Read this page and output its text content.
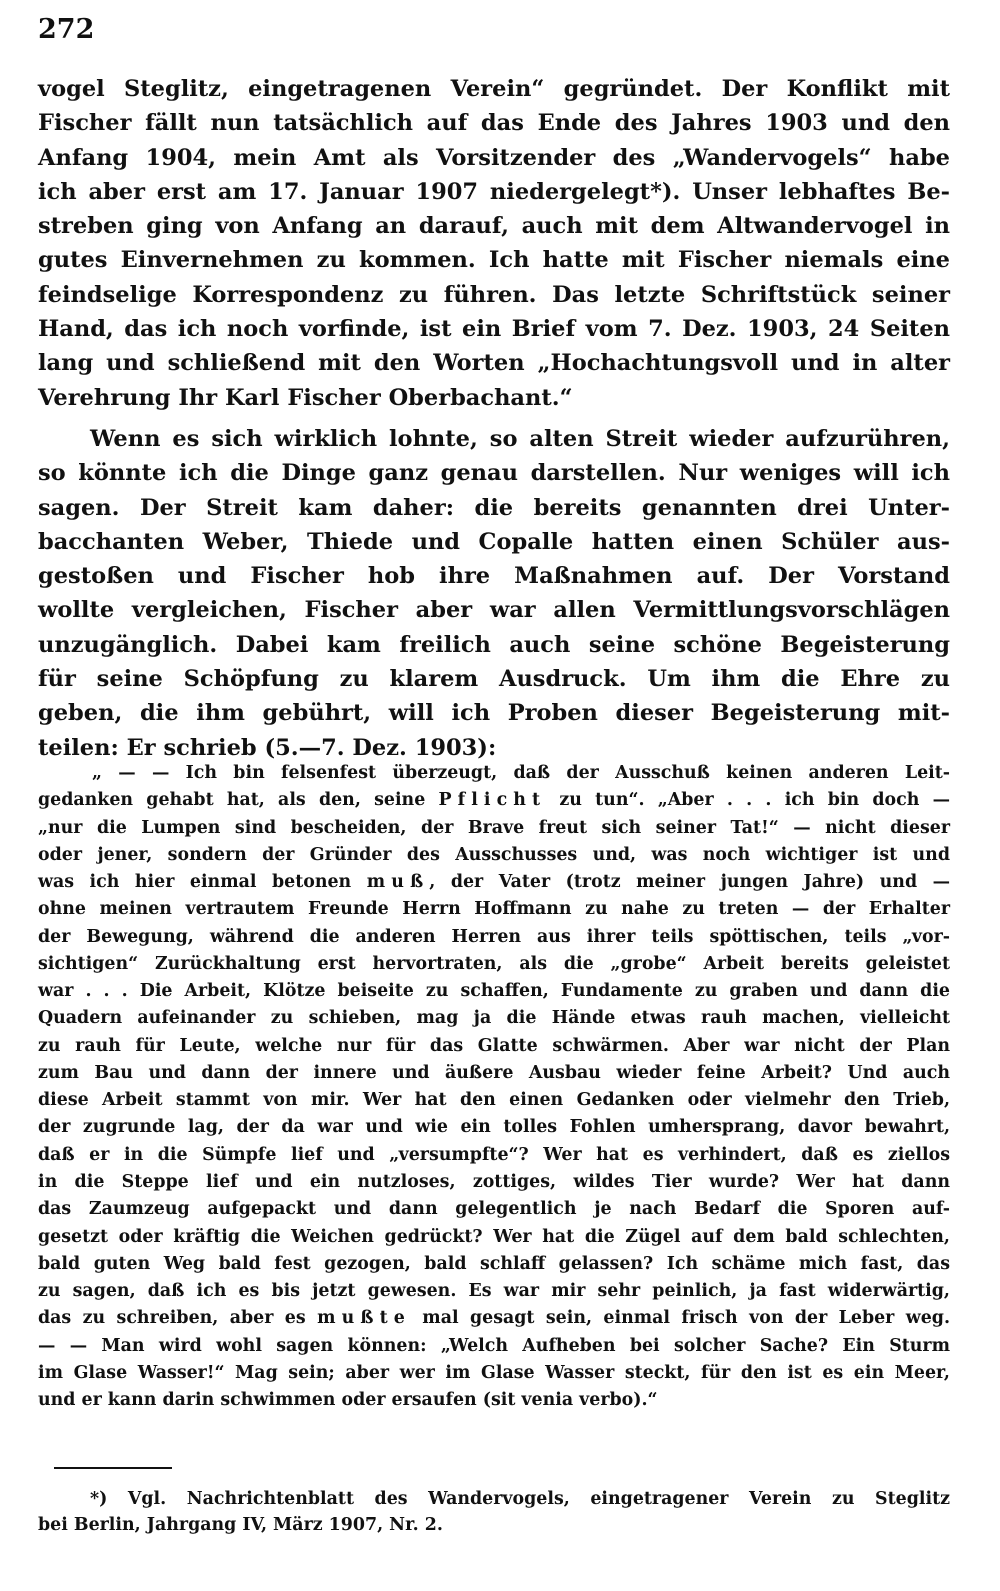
272
vogel Steglitz, eingetragenen Verein“ gegründet. Der Konflikt mit
Fischer fällt nun tatsächlich auf das Ende des Jahres 1903 und den
Anfang 1904, mein Amt als Vorsitzender des „Wandervogels“ habe
ich aber erst am 17. Januar 1907 niedergelegt*). Unser lebhaftes Be-
streben ging von Anfang an darauf, auch mit dem Altwandervogel in
gutes Einvernehmen zu kommen. Ich hatte mit Fischer niemals eine
feindselige Korrespondenz zu führen. Das letzte Schriftstück seiner
Hand, das ich noch vorfinde, ist ein Brief vom 7. Dez. 1903, 24 Seiten
lang und schließend mit den Worten „Hochachtungsvoll und in alter
Verehrung Ihr Karl Fischer Oberbachant.“
Wenn es sich wirklich lohnte, so alten Streit wieder aufzurühren,
so könnte ich die Dinge ganz genau darstellen. Nur weniges will ich
sagen. Der Streit kam daher: die bereits genannten drei Unter-
bacchanten Weber, Thiede und Copalle hatten einen Schüler aus-
gestoßen und Fischer hob ihre Maßnahmen auf. Der Vorstand
wollte vergleichen, Fischer aber war allen Vermittlungsvorschlägen
unzugänglich. Dabei kam freilich auch seine schöne Begeisterung
für seine Schöpfung zu klarem Ausdruck. Um ihm die Ehre zu
geben, die ihm gebührt, will ich Proben dieser Begeisterung mit-
teilen: Er schrieb (5.—7. Dez. 1903):
„ — — Ich bin felsenfest überzeugt, daß der Ausschuß keinen anderen Leit-
gedanken gehabt hat, als den, seine Pflicht zu tun“. „Aber . . . ich bin doch —
„nur die Lumpen sind bescheiden, der Brave freut sich seiner Tat!“ — nicht dieser
oder jener, sondern der Gründer des Ausschusses und, was noch wichtiger ist und
was ich hier einmal betonen muß, der Vater (trotz meiner jungen Jahre) und —
ohne meinen vertrautem Freunde Herrn Hoffmann zu nahe zu treten — der Erhalter
der Bewegung, während die anderen Herren aus ihrer teils spöttischen, teils „vor-
sichtigen“ Zurückhaltung erst hervortraten, als die „grobe“ Arbeit bereits geleistet
war . . . Die Arbeit, Klötze beiseite zu schaffen, Fundamente zu graben und dann die
Quadern aufeinander zu schieben, mag ja die Hände etwas rauh machen, vielleicht
zu rauh für Leute, welche nur für das Glatte schwärmen. Aber war nicht der Plan
zum Bau und dann der innere und äußere Ausbau wieder feine Arbeit? Und auch
diese Arbeit stammt von mir. Wer hat den einen Gedanken oder vielmehr den Trieb,
der zugrunde lag, der da war und wie ein tolles Fohlen umhersprang, davor bewahrt,
daß er in die Sümpfe lief und „versumpfte“? Wer hat es verhindert, daß es ziellos
in die Steppe lief und ein nutzloses, zottiges, wildes Tier wurde? Wer hat dann
das Zaumzeug aufgepackt und dann gelegentlich je nach Bedarf die Sporen auf-
gesetzt oder kräftig die Weichen gedrückt? Wer hat die Zügel auf dem bald schlechten,
bald guten Weg bald fest gezogen, bald schlaff gelassen? Ich schäme mich fast, das
zu sagen, daß ich es bis jetzt gewesen. Es war mir sehr peinlich, ja fast widerwärtig,
das zu schreiben, aber es mußte mal gesagt sein, einmal frisch von der Leber weg.
— — Man wird wohl sagen können: „Welch Aufheben bei solcher Sache? Ein Sturm
im Glase Wasser!“ Mag sein; aber wer im Glase Wasser steckt, für den ist es ein Meer,
und er kann darin schwimmen oder ersaufen (sit venia verbo).“
*) Vgl. Nachrichtenblatt des Wandervogels, eingetragener Verein zu Steglitz
bei Berlin, Jahrgang IV, März 1907, Nr. 2.
